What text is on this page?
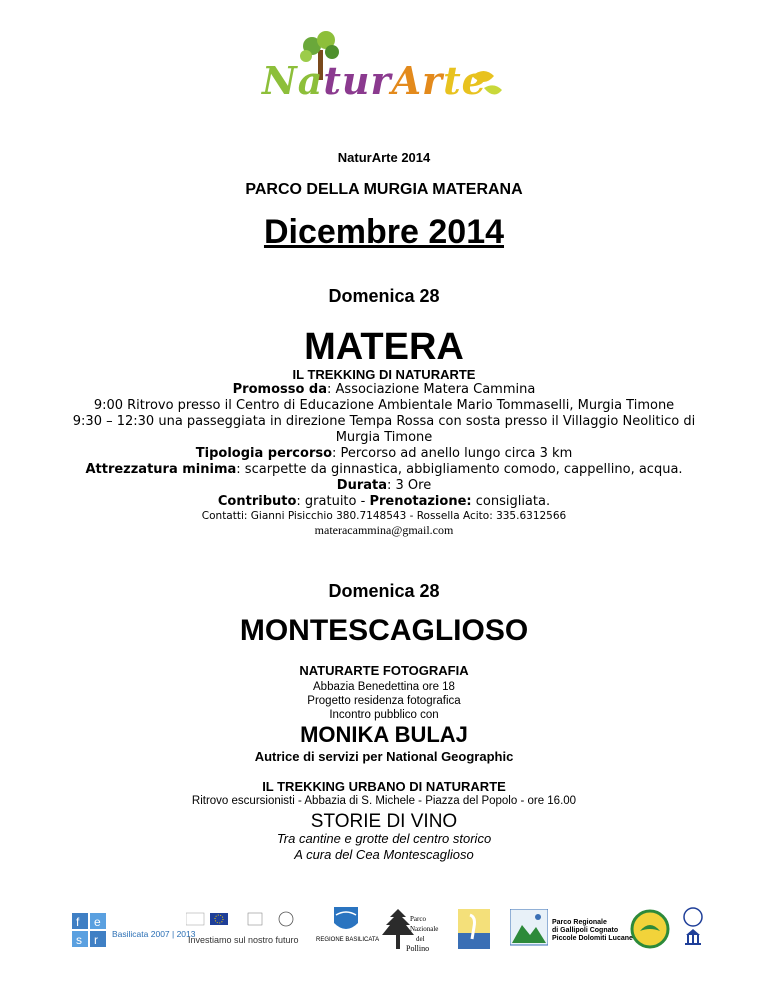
NaturArte
NaturArte 2014
PARCO DELLA MURGIA MATERANA
Dicembre 2014
Domenica 28
MATERA
IL TREKKING DI NATURARTE
Promosso da: Associazione Matera Cammina
9:00 Ritrovo presso il Centro di Educazione Ambientale Mario Tommaselli, Murgia Timone
9:30 – 12:30 una passeggiata in direzione Tempa Rossa con sosta presso il Villaggio Neolitico di
Murgia Timone
Tipologia percorso: Percorso ad anello lungo circa 3 km
Attrezzatura minima: scarpette da ginnastica, abbigliamento comodo, cappellino, acqua.
Durata: 3 Ore
Contributo: gratuito - Prenotazione: consigliata.
Contatti: Gianni Pisicchio 380.7148543 - Rossella Acito: 335.6312566
materacammina@gmail.com
Domenica 28
MONTESCAGLIOSO
NATURARTE FOTOGRAFIA
Abbazia Benedettina ore 18
Progetto residenza fotografica
Incontro pubblico con
MONIKA BULAJ
Autrice di servizi per National Geographic
IL TREKKING URBANO DI NATURARTE
Ritrovo escursionisti - Abbazia di S. Michele - Piazza del Popolo - ore 16.00
STORIE DI VINO
Tra cantine e grotte del centro storico
A cura del Cea Montescaglioso
f e
s r Basilicata 2007 | 2013
Investiamo sul nostro futuro	REGIONE BASILICATA
Parco
Nazionale
del
Pollino
Parco Regionale
di Gallipoli Cognato
Piccole Dolomiti Lucane
